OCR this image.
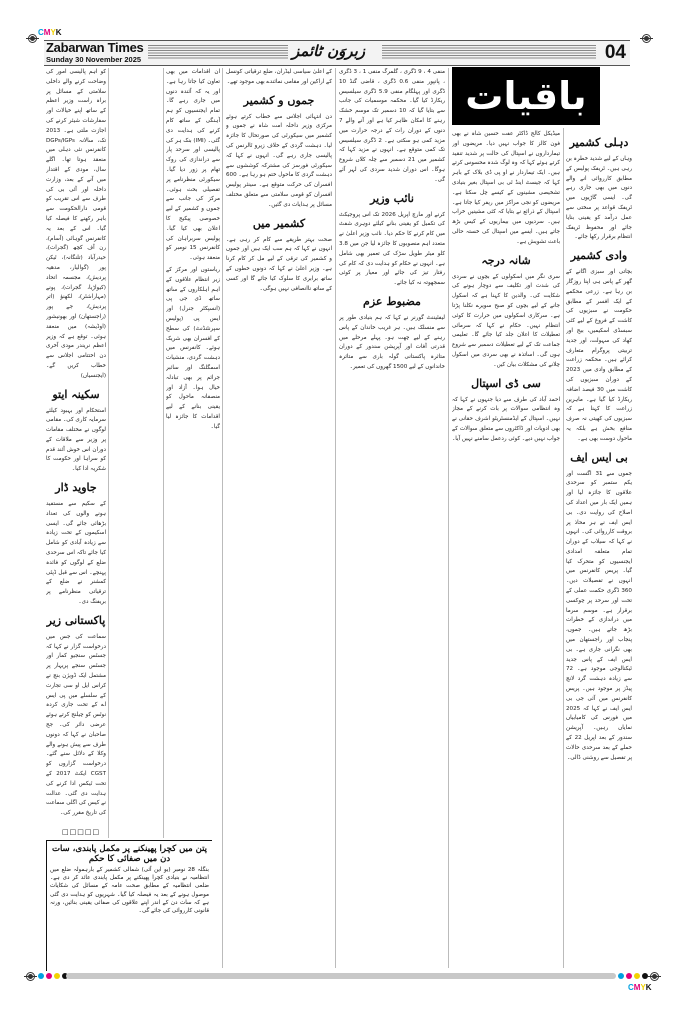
CMYK
Zabarwan Times
Sunday 30 November 2025	زبروَن ٹائمز	04
باقیات
دہلی کشمیر

وہاں کے لیے شدید خطرہ بن رہی ہیں۔ ٹریفک پولیس کے مطابق کارروائی انے والے دنوں میں بھی جاری رہے گی۔ ایسی گاڑیوں میں ٹریفک قواعد پر سختی سے عمل درآمد کو یقینی بنایا جائے اور محفوظ ٹریفک انتظام برقرار رکھا جائے۔

وادی کشمیر

بچاتی اور سبزی اگانے کے گھر کے پاس ہی اپنا روزگار بن رہا ہے۔ زرعی محکمے کے ایک افسر کے مطابق حکومت نے سبزیوں کی کاشت کے فروغ کے لیے کئی سبسڈی اسکیمیں، بیج اور کھاد کی سہولت، اور جدید تربیتی پروگرام متعارف کرائے ہیں۔ محکمہ زراعت کے مطابق وادی میں 2023 کے دوران سبزیوں کی کاشت میں 30 فیصد اضافہ ریکارڈ کیا گیا ہے۔ ماہرین زراعت کا کہنا ہے کہ سبزیوں کی کھیتی نہ صرف منافع بخش ہے بلکہ یہ ماحول دوست بھی ہے۔

بی ایس ایف

جموں سے 31 اگست اور یکم ستمبر کو سرحدی علاقوں کا جائزہ لیا اور ہمیں ایک بار میں اعداد کی اصلاح کی روایت دی۔ بی ایس ایف نے ہر محاذ پر بروقت کارروائی کی۔ انہوں نے کہا کہ سیلاب کے دوران تمام متعلقہ امدادی ایجنسیوں کو متحرک کیا گیا۔ پریس کانفرنس میں انہوں نے تفصیلات دیں۔ 360 ڈگری حکمت عملی کے تحت اور سرحد پر چوکسی برقرار ہے۔ موسم سرما میں دراندازی کے خطرات بڑھ جاتے ہیں۔ جموں، پنجاب اور راجستھان میں بھی نگرانی جاری ہے۔ بی ایس ایف کے پاس جدید ٹیکنالوجی موجود ہے۔ 72 سے زیادہ دہشت گرد لانچ پیڈز پر موجود ہیں۔ پریس کانفرنس میں آئی جی بی ایس ایف نے کہا کہ 2025 میں فورس کی کامیابیاں نمایاں رہیں۔ آپریشن سندور کے بعد اپریل 22 کے حملے کے بعد سرحدی حالات پر تفصیل سے روشنی ڈالی۔

میڈیکل کالج ڈاکٹر عفت حسین شاہ نے بھی فون کالز کا جواب نہیں دیا۔ مریضوں اور تیمارداروں نے اسپتال کی حالت پر شدید تنقید کرتے ہوئے کہا کہ وہ لوگ شدہ محسوس کرتے ہیں۔ ایک تیماردار نے او پی ڈی بلاک کے باہر کہا کہ جیسٹ اینڈ ٹی بی اسپتال بغیر بنیادی تشخیصی مشینوں کے کیسے چل سکتا ہے۔ مریضوں کو نجی مراکز میں ریفر کیا جاتا ہے۔ اسپتال کے ذرائع نے بتایا کہ کئی مشینیں خراب ہیں۔ سردیوں میں بیماریوں کے کیس بڑھ جاتے ہیں۔ ایسے میں اسپتال کی خستہ حالی باعث تشویش ہے۔

شانہ درجہ

سری نگر میں اسکولوں کے بچوں نے سردی کی شدت اور تکلیف سے دوچار ہونے کی شکایت کی۔ والدین کا کہنا ہے کہ اسکول جانے کے لیے بچوں کو صبح سویرے نکلنا پڑتا ہے۔ سرکاری اسکولوں میں حرارت کا کوئی انتظام نہیں۔ حکام نے کہا کہ سرمائی تعطیلات کا اعلان جلد کیا جائے گا۔ تعلیمی جماعت تک کے لیے تعطیلات دسمبر سے شروع ہوں گی۔ اساتذہ نے بھی سردی میں اسکول چلانے کی مشکلات بیان کیں۔

سی ڈی اسپتال

احمد آباد کی طرف سے دیا جنہوں نے کہا کہ وہ انتظامی سوالات پر بات کرنے کے مجاز نہیں۔ اسپتال کے ایڈمنسٹریٹو اشرف حقانی نے بھی ادویات اور ڈاکٹروں سے متعلق سوالات کے جواب نہیں دیے۔ کوئی ردعمل سامنے نہیں آیا۔

منفی 4 ، 9 ڈگری ، گلمرگ منفی 1 ، 3 ڈگری ، پانپور منفی 0.6 ڈگری ، قاضی گنڈ 10 ڈگری اور پہلگام منفی 5.9 ڈگری سیلسیس ریکارڈ کیا گیا۔ محکمہ موسمیات کی جانب سے بتایا گیا کہ 10 دسمبر تک موسم خشک رہنے کا امکان ظاہر کیا ہے اور آنے والے 7 دنوں کے دوران رات کے درجہ حرارت میں مزید کمی ہو سکتی ہے۔ 2 ڈگری سیلسیس تک کمی متوقع ہے۔ انہوں نے مزید کہا کہ کشمیر میں 21 دسمبر سے چلہ کلاں شروع ہوگا۔ اس دوران شدید سردی کی لہر آئے گی۔

نائب وزیر

کرنے اور مارچ اپریل 2026 تک اس پروجیکٹ کی تکمیل کو یقینی بنانے کیلئے دوہری شفٹ میں کام کرنے کا حکم دیا۔ نائب وزیر اعلیٰ نے متعدد اہم منصوبوں کا جائزہ لیا جن میں 3.8 کلو میٹر طویل سڑک کی تعمیر بھی شامل ہے۔ انہوں نے حکام کو ہدایت دی کہ کام کی رفتار تیز کی جائے اور معیار پر کوئی سمجھوتہ نہ کیا جائے۔

مضبوط عزم

لیفٹیننٹ گورنر نے کہا کہ ہم بنیادی طور پر سے منسلک ہیں۔ ہر غریب خاندان کے پاس رہنے کے لیے چھت ہو۔ پہلے مرحلے میں قدرتی آفات اور آپریشن سندور کے دوران متاثرہ پاکستانی گولہ باری سے متاثرہ خاندانوں کے لیے 1500 گھروں کی تعمیر۔

کے اعلیٰ سیاسی لیڈران، ضلع ترقیاتی کونسل کے اراکین اور مقامی نمائندے بھی موجود تھے۔

جموں و کشمیر

دن انتہائی اجلاس سے خطاب کرتے ہوئے مرکزی وزیر داخلہ امت شاہ نے جموں و کشمیر میں سیکورٹی کی صورتحال کا جائزہ لیا۔ دہشت گردی کے خلاف زیرو ٹالرنس کی پالیسی جاری رہے گی۔ انہوں نے کہا کہ سیکورٹی فورسز کی مشترکہ کوششوں سے دہشت گردی کا ماحول ختم ہو رہا ہے۔ 600 افسران کی حرکت متوقع ہے۔ سینئر پولیس افسران کو قومی سلامتی سے متعلق مختلف مسائل پر ہدایات دی گئیں۔

کشمیر میں

صحت بہتر طریقے سے کام کر رہی ہے۔ انہوں نے کہا کہ ہم سب ایک ہیں اور جموں و کشمیر کی ترقی کے لیے مل کر کام کرنا ہے۔ وزیر اعلیٰ نے کہا کہ دونوں خطوں کے ساتھ برابری کا سلوک کیا جائے گا اور کسی کے ساتھ ناانصافی نہیں ہوگی۔

ان اقدامات میں بھی تعاون کیا جاتا رہا ہے۔ اور یہ کہ آئندہ دنوں میں جاری رہے گا۔ تمام ایجنسیوں کو ہم آہنگی کے ساتھ کام کرنے کی ہدایت دی گئی۔ (IMI) بنک ہر کی پالیسی اور سرحد پار سے دراندازی کی روک تھام پر زور دیا گیا۔ سیکورٹی منظرنامے پر تفصیلی بحث ہوئی۔ مرکز کی جانب سے جموں و کشمیر کے لیے خصوصی پیکیج کا اعلان بھی کیا گیا۔ پولیس سربراہان کی کانفرنس 15 نومبر کو منعقد ہوئی۔

ریاستوں اور مرکز کے زیر انتظام علاقوں کے اہم اہلکاروں کے ساتھ ساتھ ڈی جی پی (انسپکٹر جنرل) اور ایس پی (پولیس سپرنٹنڈنٹ) کی سطح کے افسران بھی شریک ہوئے۔ کانفرنس میں دہشت گردی، منشیات اسمگلنگ اور سائبر جرائم پر بھی تبادلہ خیال ہوا۔ آزاد اور منصفانہ ماحول کو یقینی بنانے کے لیے اقدامات کا جائزہ لیا گیا۔

کو اہم پالیسی امور کی وضاحت کرنے والے داخلی سلامتی کے مسائل پر براہ راست وزیر اعظم کے ساتھ اپنے خیالات اور سفارشات شیئر کرنے کی اجازت ملتی ہے۔ 2013 تک، سالانہ DGPs/IGPs کانفرنس نئی دہلی میں منعقد ہوتا تھا۔ اگلے سال، مودی کے اقتدار میں آنے کے بعد، وزارت داخلہ اور آئی بی کی طرف سے اس تقریب کو قومی دارالحکومت سے باہر رکھنے کا فیصلہ کیا گیا۔ اس کے بعد یہ کانفرنس گوہاٹی (آسام)، رن آف کچھ (گجرات)، حیدرآباد (تلنگانہ)، ٹیکن پور (گوالیار، مدھیہ پردیش)، مجسمہ اتحاد (کیواڑیا، گجرات)، پونے (مہاراشٹر)، لکھنؤ (اتر پردیش)، جے پور (راجستھان) اور بھونیشور (اوڈیشہ) میں منعقد ہوئی۔ توقع ہے کہ وزیر اعظم نریندر مودی آخری دن اختتامی اجلاس سے خطاب کریں گے۔ (ایجنسیاں)

سکینہ ایتو

استحکام اور بہبود کیلئے سرمایہ کاری کی۔ مقامی لوگوں نے مختلف مقامات پر وزیر سے ملاقات کے دوران اس خوش آئند قدم کو سراہا اور حکومت کا شکریہ ادا کیا۔

جاوید ڈار

کے سکیم سے مستفید ہونے والوں کی تعداد بڑھائی جائے گی۔ ایسی اسکیموں کے تحت زیادہ سے زیادہ آبادی کو شامل کیا جائے تاکہ اس سرحدی ضلع کے لوگوں کو فائدہ پہنچے۔ اس سے قبل ڈپٹی کمشنر نے ضلع کے ترقیاتی منظرنامے پر بریفنگ دی۔

پاکستانی زیر

سماعت کی جس میں درخواست گزار نے کہا کہ جسٹس سنجیو کمار اور جسٹس سنجے پریہار پر مشتمل ایک ڈویژن بنچ نے کراس ایل او سی تجارت کے سلسلے میں پی ایس اے کے تحت جاری کردہ نوٹس کو چیلنج کرتے ہوئے عرضی دائر کی۔ جج صاحبان نے کہا کہ دونوں طرف سے پیش ہونے والے وکلا کے دلائل سنے گئے۔ درخواست گزاروں کو CGST ایکٹ 2017 کے تحت ٹیکس ادا کرنے کی ہدایت دی گئی۔ عدالت نے کیس کی اگلی سماعت کی تاریخ مقرر کی۔

□□□□□
پتن میں کچرا پھینکنے پر مکمل پابندی، سات دن میں صفائی کا حکم
بنگلہ 28 نومبر (یو این آئی) شمالی کشمیر کے بارہمولہ ضلع میں انتظامیہ نے بنیادی کچرا پھینکنے پر مکمل پابندی عائد کر دی ہے۔ ضلعی انتظامیہ کے مطابق صحت عامہ کے مسائل کی شکایات موصول ہونے کے بعد یہ فیصلہ کیا گیا۔ شہریوں کو ہدایت دی گئی ہے کہ سات دن کے اندر اپنے علاقوں کی صفائی یقینی بنائیں، ورنہ قانونی کارروائی کی جائے گی۔
CMYK
